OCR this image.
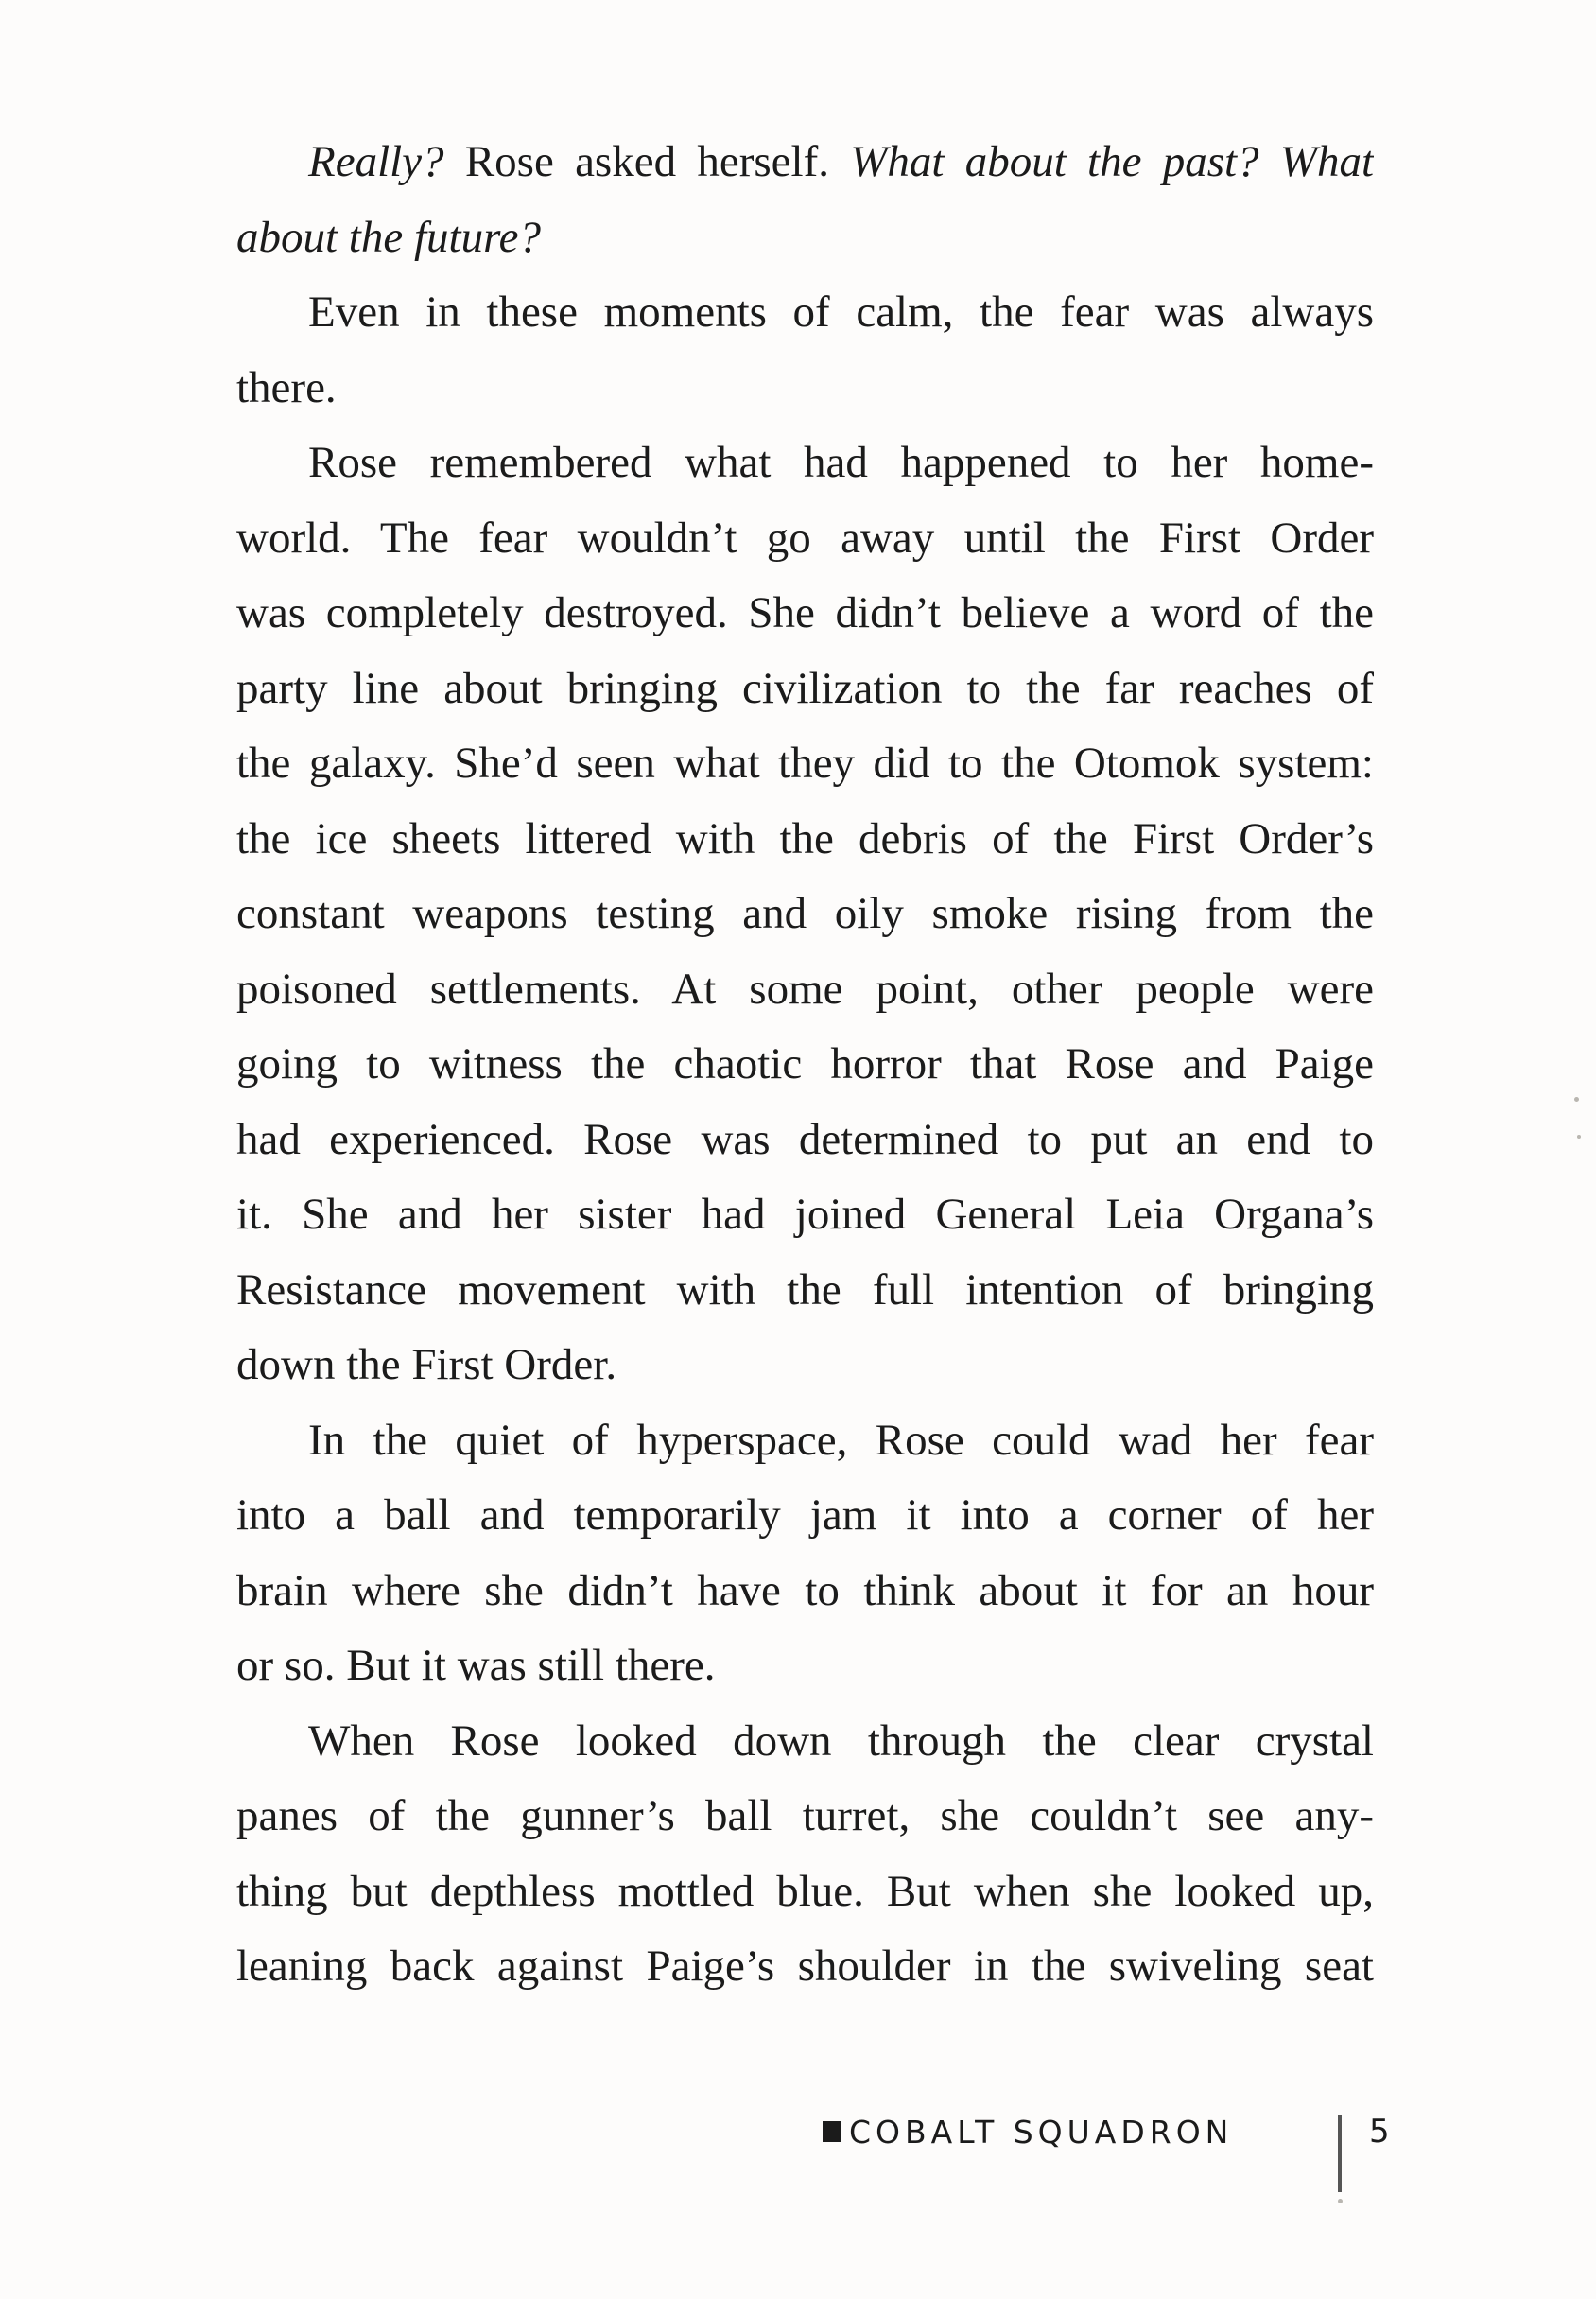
Really? Rose asked herself. What about the past? What
about the future?
Even in these moments of calm, the fear was always
there.
Rose remembered what had happened to her home-
world. The fear wouldn’t go away until the First Order
was completely destroyed. She didn’t believe a word of the
party line about bringing civilization to the far reaches of
the galaxy. She’d seen what they did to the Otomok system:
the ice sheets littered with the debris of the First Order’s
constant weapons testing and oily smoke rising from the
poisoned settlements. At some point, other people were
going to witness the chaotic horror that Rose and Paige
had experienced. Rose was determined to put an end to
it. She and her sister had joined General Leia Organa’s
Resistance movement with the full intention of bringing
down the First Order.
In the quiet of hyperspace, Rose could wad her fear
into a ball and temporarily jam it into a corner of her
brain where she didn’t have to think about it for an hour
or so. But it was still there.
When Rose looked down through the clear crystal
panes of the gunner’s ball turret, she couldn’t see any-
thing but depthless mottled blue. But when she looked up,
leaning back against Paige’s shoulder in the swiveling seat
COBALT SQUADRON	5
